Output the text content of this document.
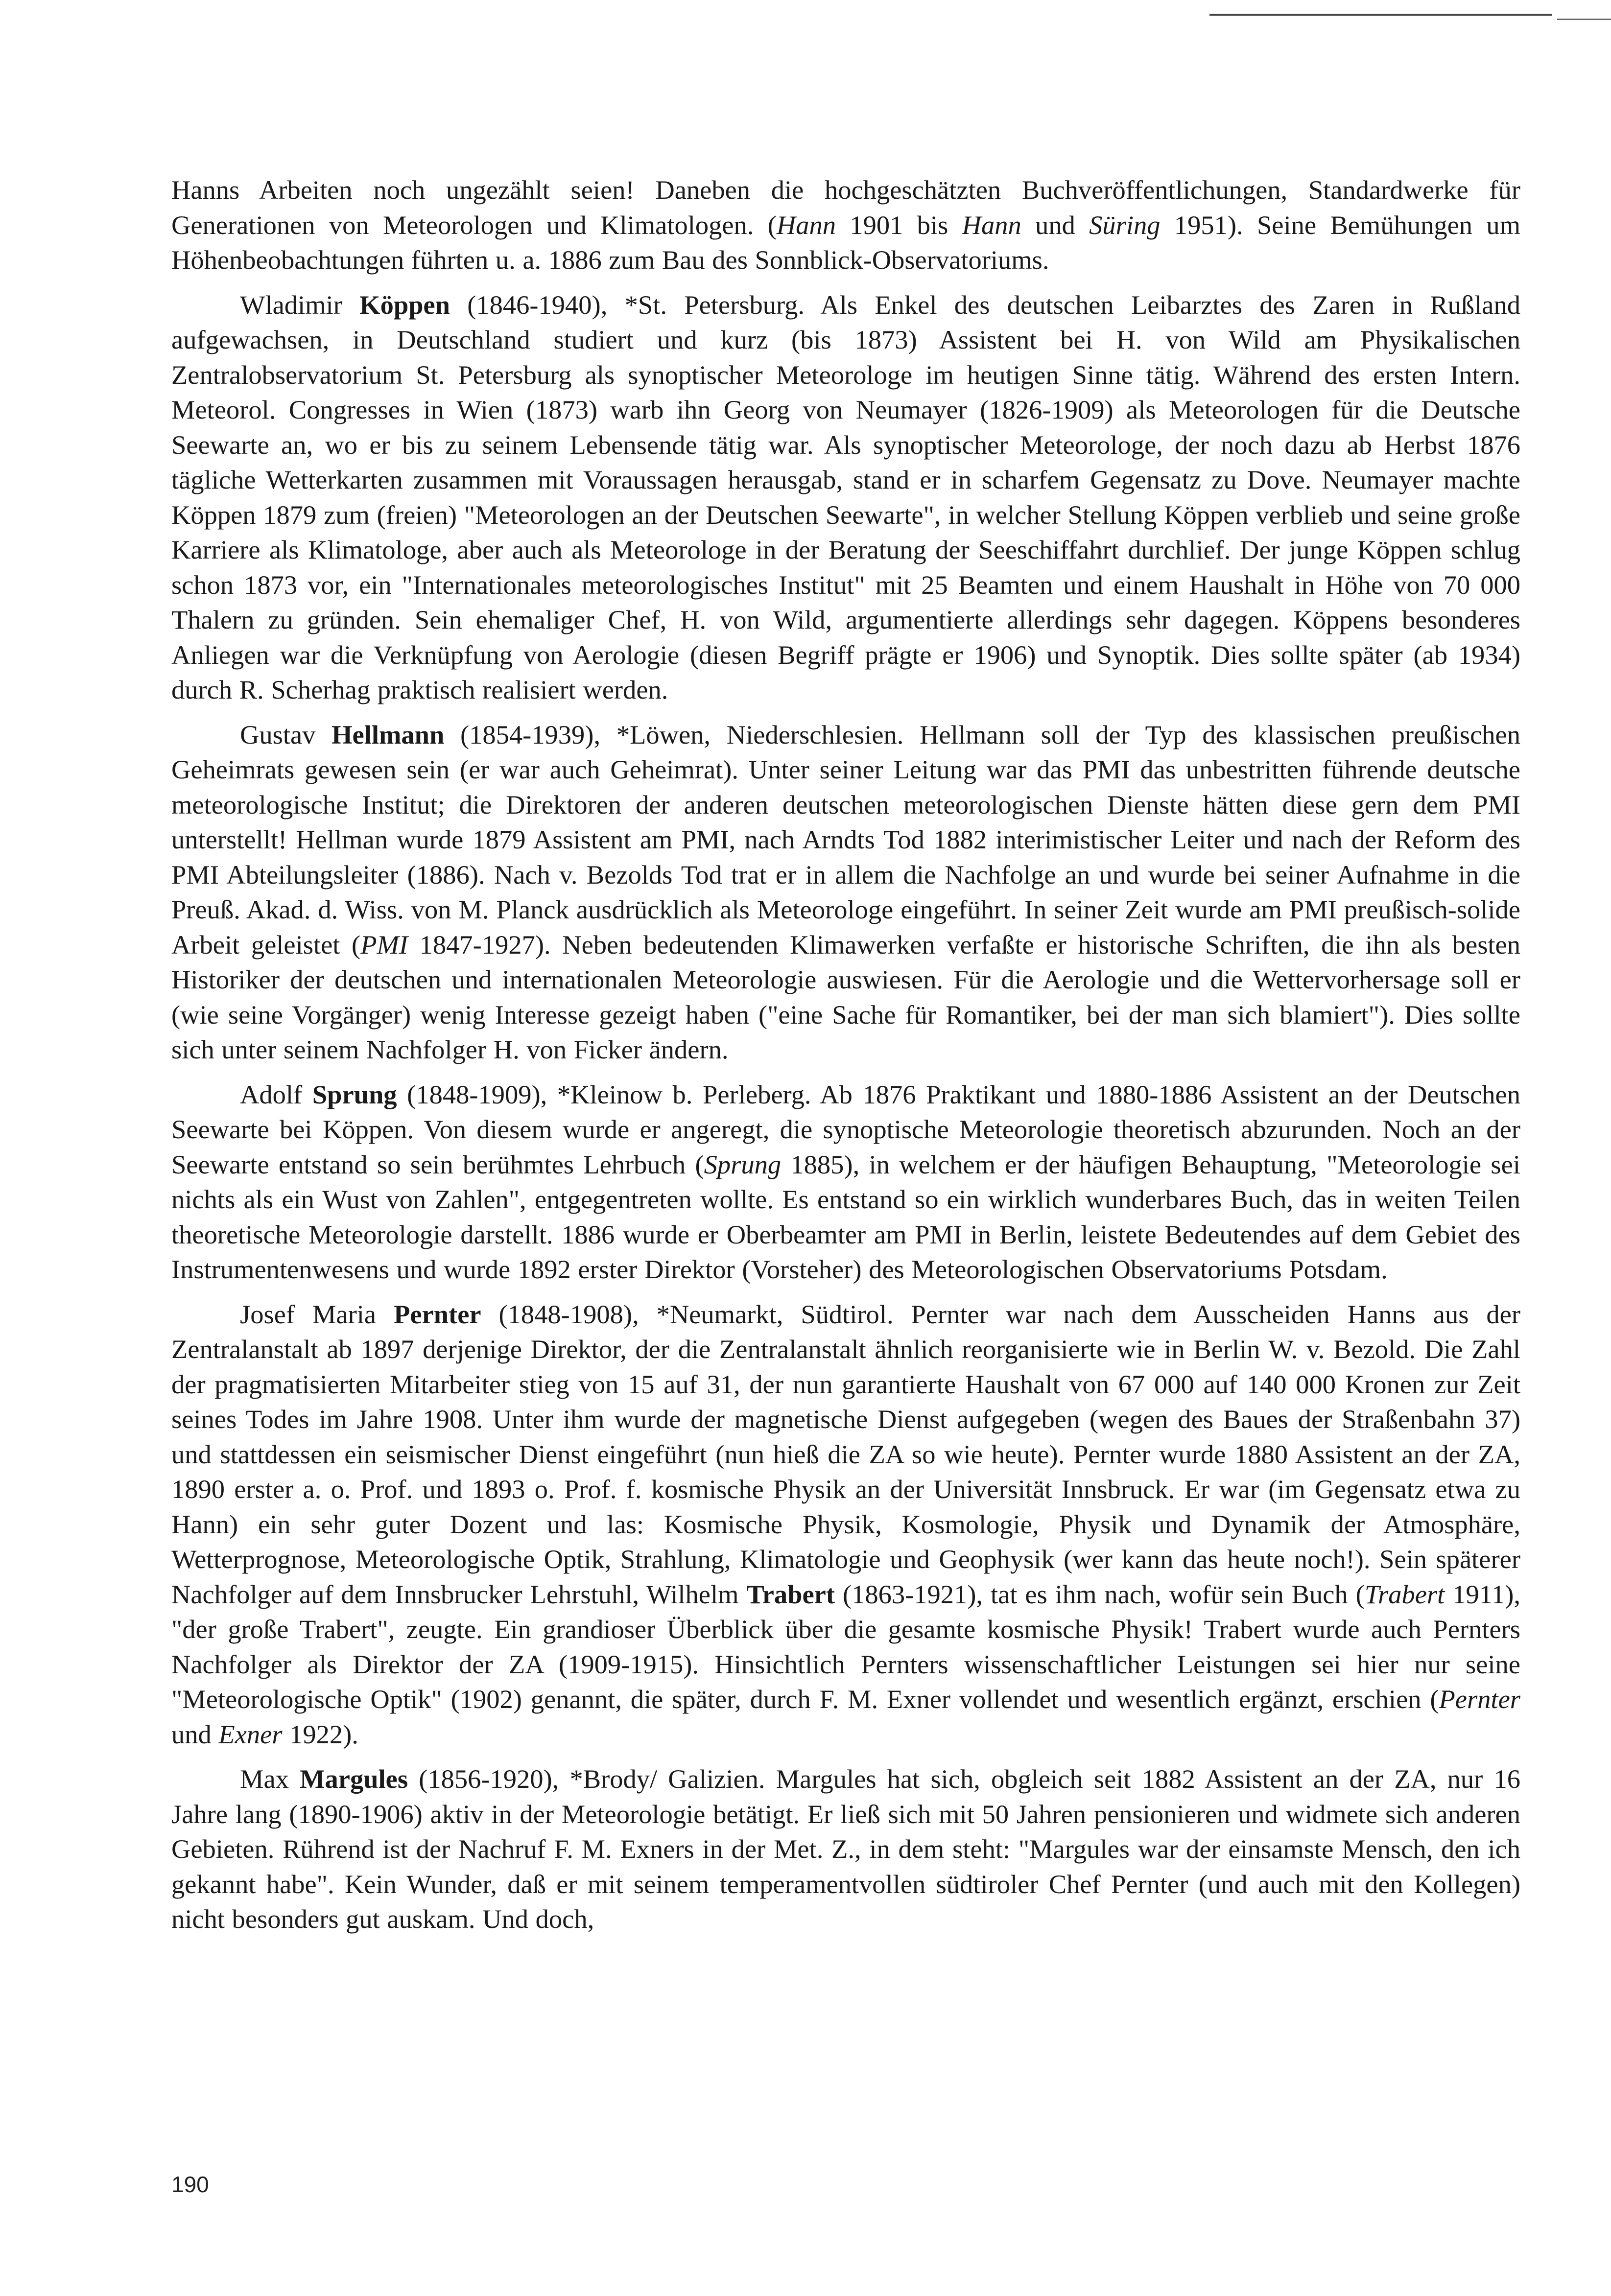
Hanns Arbeiten noch ungezählt seien! Daneben die hochgeschätzten Buchveröffentlichungen, Standardwerke für Generationen von Meteorologen und Klimatologen. (Hann 1901 bis Hann und Süring 1951). Seine Bemühungen um Höhenbeobachtungen führten u. a. 1886 zum Bau des Sonnblick-Observatoriums.

Wladimir Köppen (1846-1940), *St. Petersburg. Als Enkel des deutschen Leibarztes des Zaren in Rußland aufgewachsen, in Deutschland studiert und kurz (bis 1873) Assistent bei H. von Wild am Physikalischen Zentralobservatorium St. Petersburg als synoptischer Meteorologe im heutigen Sinne tätig. Während des ersten Intern. Meteorol. Congresses in Wien (1873) warb ihn Georg von Neumayer (1826-1909) als Meteorologen für die Deutsche Seewarte an, wo er bis zu seinem Lebensende tätig war. Als synoptischer Meteorologe, der noch dazu ab Herbst 1876 tägliche Wetterkarten zusammen mit Voraussagen herausgab, stand er in scharfem Gegensatz zu Dove. Neumayer machte Köppen 1879 zum (freien) "Meteorologen an der Deutschen Seewarte", in welcher Stellung Köppen verblieb und seine große Karriere als Klimatologe, aber auch als Meteorologe in der Beratung der Seeschiffahrt durchlief. Der junge Köppen schlug schon 1873 vor, ein "Internationales meteorologisches Institut" mit 25 Beamten und einem Haushalt in Höhe von 70 000 Thalern zu gründen. Sein ehemaliger Chef, H. von Wild, argumentierte allerdings sehr dagegen. Köppens besonderes Anliegen war die Verknüpfung von Aerologie (diesen Begriff prägte er 1906) und Synoptik. Dies sollte später (ab 1934) durch R. Scherhag praktisch realisiert werden.

Gustav Hellmann (1854-1939), *Löwen, Niederschlesien. Hellmann soll der Typ des klassischen preußischen Geheimrats gewesen sein (er war auch Geheimrat). Unter seiner Leitung war das PMI das unbestritten führende deutsche meteorologische Institut; die Direktoren der anderen deutschen meteorologischen Dienste hätten diese gern dem PMI unterstellt! Hellman wurde 1879 Assistent am PMI, nach Arndts Tod 1882 interimistischer Leiter und nach der Reform des PMI Abteilungsleiter (1886). Nach v. Bezolds Tod trat er in allem die Nachfolge an und wurde bei seiner Aufnahme in die Preuß. Akad. d. Wiss. von M. Planck ausdrücklich als Meteorologe eingeführt. In seiner Zeit wurde am PMI preußisch-solide Arbeit geleistet (PMI 1847-1927). Neben bedeutenden Klimawerken verfaßte er historische Schriften, die ihn als besten Historiker der deutschen und internationalen Meteorologie auswiesen. Für die Aerologie und die Wettervorhersage soll er (wie seine Vorgänger) wenig Interesse gezeigt haben ("eine Sache für Romantiker, bei der man sich blamiert"). Dies sollte sich unter seinem Nachfolger H. von Ficker ändern.

Adolf Sprung (1848-1909), *Kleinow b. Perleberg. Ab 1876 Praktikant und 1880-1886 Assistent an der Deutschen Seewarte bei Köppen. Von diesem wurde er angeregt, die synoptische Meteorologie theoretisch abzurunden. Noch an der Seewarte entstand so sein berühmtes Lehrbuch (Sprung 1885), in welchem er der häufigen Behauptung, "Meteorologie sei nichts als ein Wust von Zahlen", entgegentreten wollte. Es entstand so ein wirklich wunderbares Buch, das in weiten Teilen theoretische Meteorologie darstellt. 1886 wurde er Oberbeamter am PMI in Berlin, leistete Bedeutendes auf dem Gebiet des Instrumentenwesens und wurde 1892 erster Direktor (Vorsteher) des Meteorologischen Observatoriums Potsdam.

Josef Maria Pernter (1848-1908), *Neumarkt, Südtirol. Pernter war nach dem Ausscheiden Hanns aus der Zentralanstalt ab 1897 derjenige Direktor, der die Zentralanstalt ähnlich reorganisierte wie in Berlin W. v. Bezold. Die Zahl der pragmatisierten Mitarbeiter stieg von 15 auf 31, der nun garantierte Haushalt von 67 000 auf 140 000 Kronen zur Zeit seines Todes im Jahre 1908. Unter ihm wurde der magnetische Dienst aufgegeben (wegen des Baues der Straßenbahn 37) und stattdessen ein seismischer Dienst eingeführt (nun hieß die ZA so wie heute). Pernter wurde 1880 Assistent an der ZA, 1890 erster a. o. Prof. und 1893 o. Prof. f. kosmische Physik an der Universität Innsbruck. Er war (im Gegensatz etwa zu Hann) ein sehr guter Dozent und las: Kosmische Physik, Kosmologie, Physik und Dynamik der Atmosphäre, Wetterprognose, Meteorologische Optik, Strahlung, Klimatologie und Geophysik (wer kann das heute noch!). Sein späterer Nachfolger auf dem Innsbrucker Lehrstuhl, Wilhelm Trabert (1863-1921), tat es ihm nach, wofür sein Buch (Trabert 1911), "der große Trabert", zeugte. Ein grandioser Überblick über die gesamte kosmische Physik! Trabert wurde auch Pernters Nachfolger als Direktor der ZA (1909-1915). Hinsichtlich Pernters wissenschaftlicher Leistungen sei hier nur seine "Meteorologische Optik" (1902) genannt, die später, durch F. M. Exner vollendet und wesentlich ergänzt, erschien (Pernter und Exner 1922).

Max Margules (1856-1920), *Brody/ Galizien. Margules hat sich, obgleich seit 1882 Assistent an der ZA, nur 16 Jahre lang (1890-1906) aktiv in der Meteorologie betätigt. Er ließ sich mit 50 Jahren pensionieren und widmete sich anderen Gebieten. Rührend ist der Nachruf F. M. Exners in der Met. Z., in dem steht: "Margules war der einsamste Mensch, den ich gekannt habe". Kein Wunder, daß er mit seinem temperamentvollen südtiroler Chef Pernter (und auch mit den Kollegen) nicht besonders gut auskam. Und doch,

190
